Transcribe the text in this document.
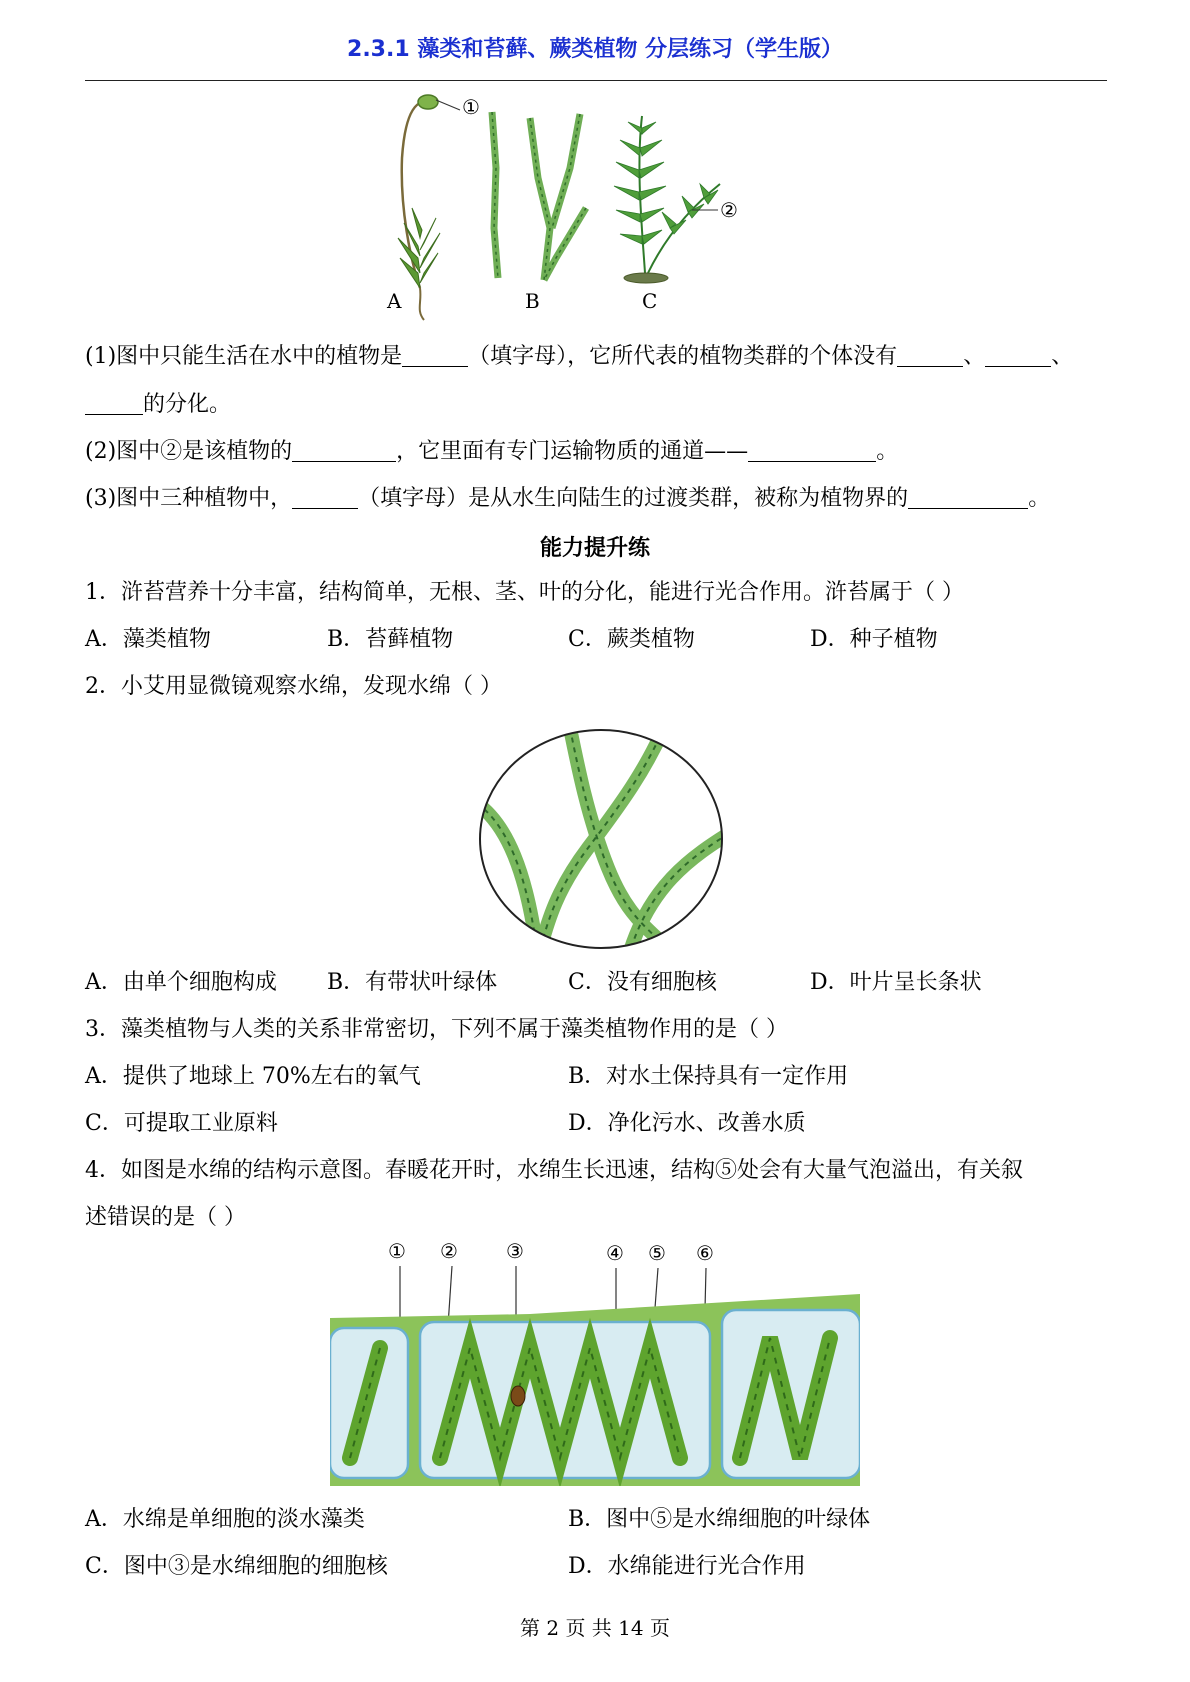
2.3.1 藻类和苔藓、蕨类植物 分层练习（学生版）
①
A	B
②
C
(1)图中只能生活在水中的植物是	（填字母），它所代表的植物类群的个体没有	、	、
的分化。
(2)图中②是该植物的	，它里面有专门运输物质的通道——	。
(3)图中三种植物中，	（填字母）是从水生向陆生的过渡类群，被称为植物界的	。
能力提升练
1．浒苔营养十分丰富，结构简单，无根、茎、叶的分化，能进行光合作用。浒苔属于（ ）
A．藻类植物	B．苔藓植物	C．蕨类植物	D．种子植物
2．小艾用显微镜观察水绵，发现水绵（ ）
A．由单个细胞构成 B．有带状叶绿体	C．没有细胞核	D．叶片呈长条状
3．藻类植物与人类的关系非常密切，下列不属于藻类植物作用的是（ ）
A．提供了地球上 70%左右的氧气	B．对水土保持具有一定作用
C．可提取工业原料	D．净化污水、改善水质
4．如图是水绵的结构示意图。春暖花开时，水绵生长迅速，结构⑤处会有大量气泡溢出，有关叙
述错误的是（ ）
① ② ③	④ ⑤ ⑥
A．水绵是单细胞的淡水藻类	B．图中⑤是水绵细胞的叶绿体
C．图中③是水绵细胞的细胞核	D．水绵能进行光合作用
第 2 页 共 14 页
